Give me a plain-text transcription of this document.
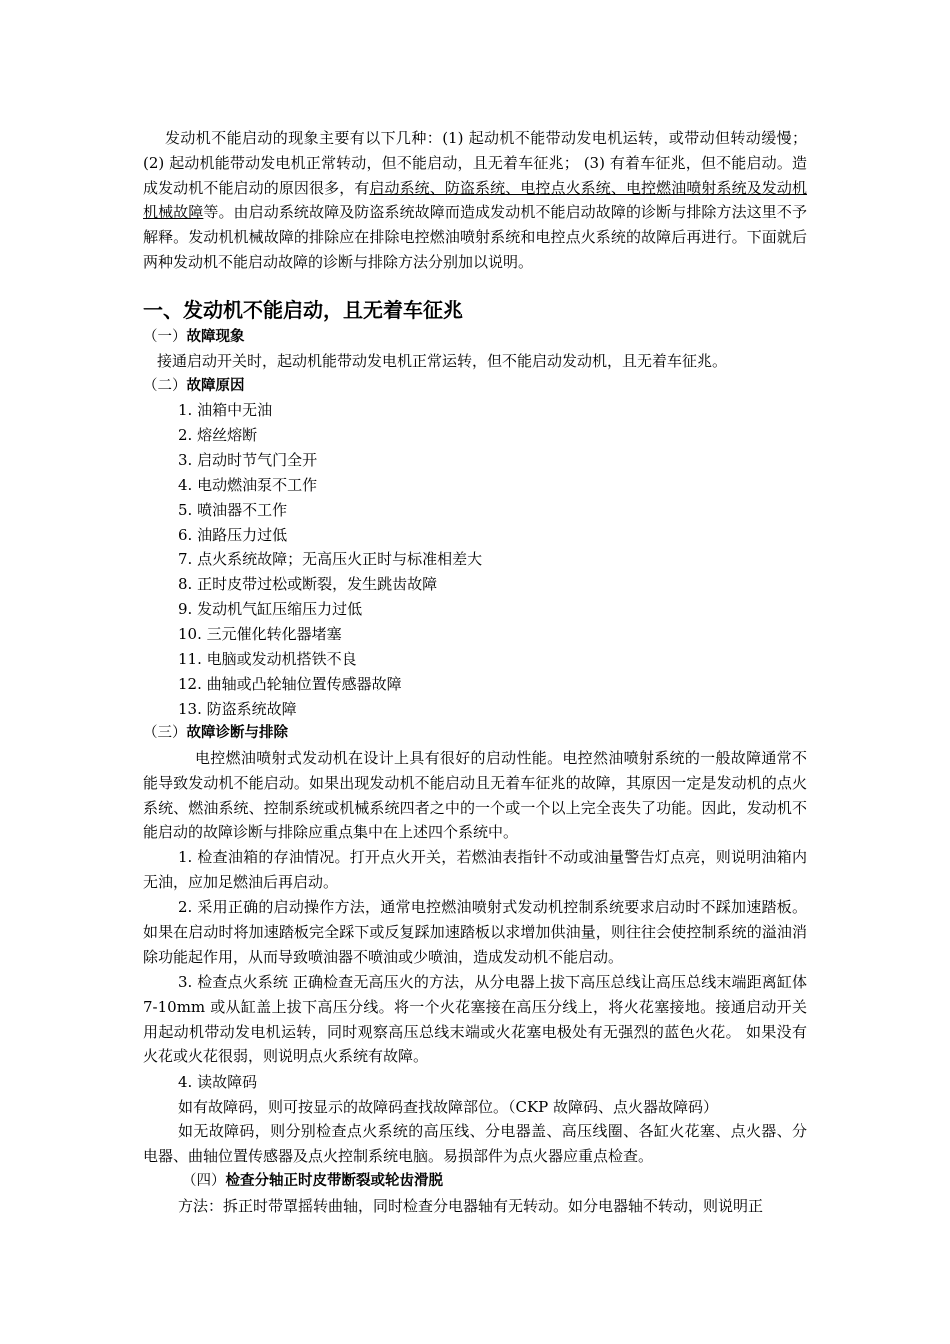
发动机不能启动的现象主要有以下几种：(1) 起动机不能带动发电机运转，或带动但转动缓慢；(2) 起动机能带动发电机正常转动，但不能启动，且无着车征兆； (3) 有着车征兆，但不能启动。造成发动机不能启动的原因很多，有启动系统、防盗系统、电控点火系统、电控燃油喷射系统及发动机机械故障等。由启动系统故障及防盗系统故障而造成发动机不能启动故障的诊断与排除方法这里不予解释。发动机机械故障的排除应在排除电控燃油喷射系统和电控点火系统的故障后再进行。下面就后两种发动机不能启动故障的诊断与排除方法分别加以说明。
一、发动机不能启动，且无着车征兆
（一）故障现象
接通启动开关时，起动机能带动发电机正常运转，但不能启动发动机，且无着车征兆。
（二）故障原因
1. 油箱中无油
2. 熔丝熔断
3. 启动时节气门全开
4. 电动燃油泵不工作
5. 喷油器不工作
6. 油路压力过低
7. 点火系统故障；无高压火正时与标准相差大
8. 正时皮带过松或断裂，发生跳齿故障
9. 发动机气缸压缩压力过低
10. 三元催化转化器堵塞
11. 电脑或发动机搭铁不良
12. 曲轴或凸轮轴位置传感器故障
13. 防盗系统故障
（三）故障诊断与排除
电控燃油喷射式发动机在设计上具有很好的启动性能。电控然油喷射系统的一般故障通常不能导致发动机不能启动。如果出现发动机不能启动且无着车征兆的故障，其原因一定是发动机的点火系统、燃油系统、控制系统或机械系统四者之中的一个或一个以上完全丧失了功能。因此，发动机不能启动的故障诊断与排除应重点集中在上述四个系统中。
1. 检查油箱的存油情况。打开点火开关，若燃油表指针不动或油量警告灯点亮，则说明油箱内无油，应加足燃油后再启动。
2. 采用正确的启动操作方法，通常电控燃油喷射式发动机控制系统要求启动时不踩加速踏板。如果在启动时将加速踏板完全踩下或反复踩加速踏板以求增加供油量，则往往会使控制系统的溢油消除功能起作用，从而导致喷油器不喷油或少喷油，造成发动机不能启动。
3. 检查点火系统 正确检查无高压火的方法，从分电器上拔下高压总线让高压总线末端距离缸体 7-10mm 或从缸盖上拔下高压分线。将一个火花塞接在高压分线上，将火花塞接地。接通启动开关用起动机带动发电机运转，同时观察高压总线末端或火花塞电极处有无强烈的蓝色火花。 如果没有火花或火花很弱，则说明点火系统有故障。
4. 读故障码
如有故障码，则可按显示的故障码查找故障部位。（CKP 故障码、点火器故障码）
如无故障码，则分别检查点火系统的高压线、分电器盖、高压线圈、各缸火花塞、点火器、分电器、曲轴位置传感器及点火控制系统电脑。易损部件为点火器应重点检查。
（四）检查分轴正时皮带断裂或轮齿滑脱
方法：拆正时带罩摇转曲轴，同时检查分电器轴有无转动。如分电器轴不转动，则说明正
